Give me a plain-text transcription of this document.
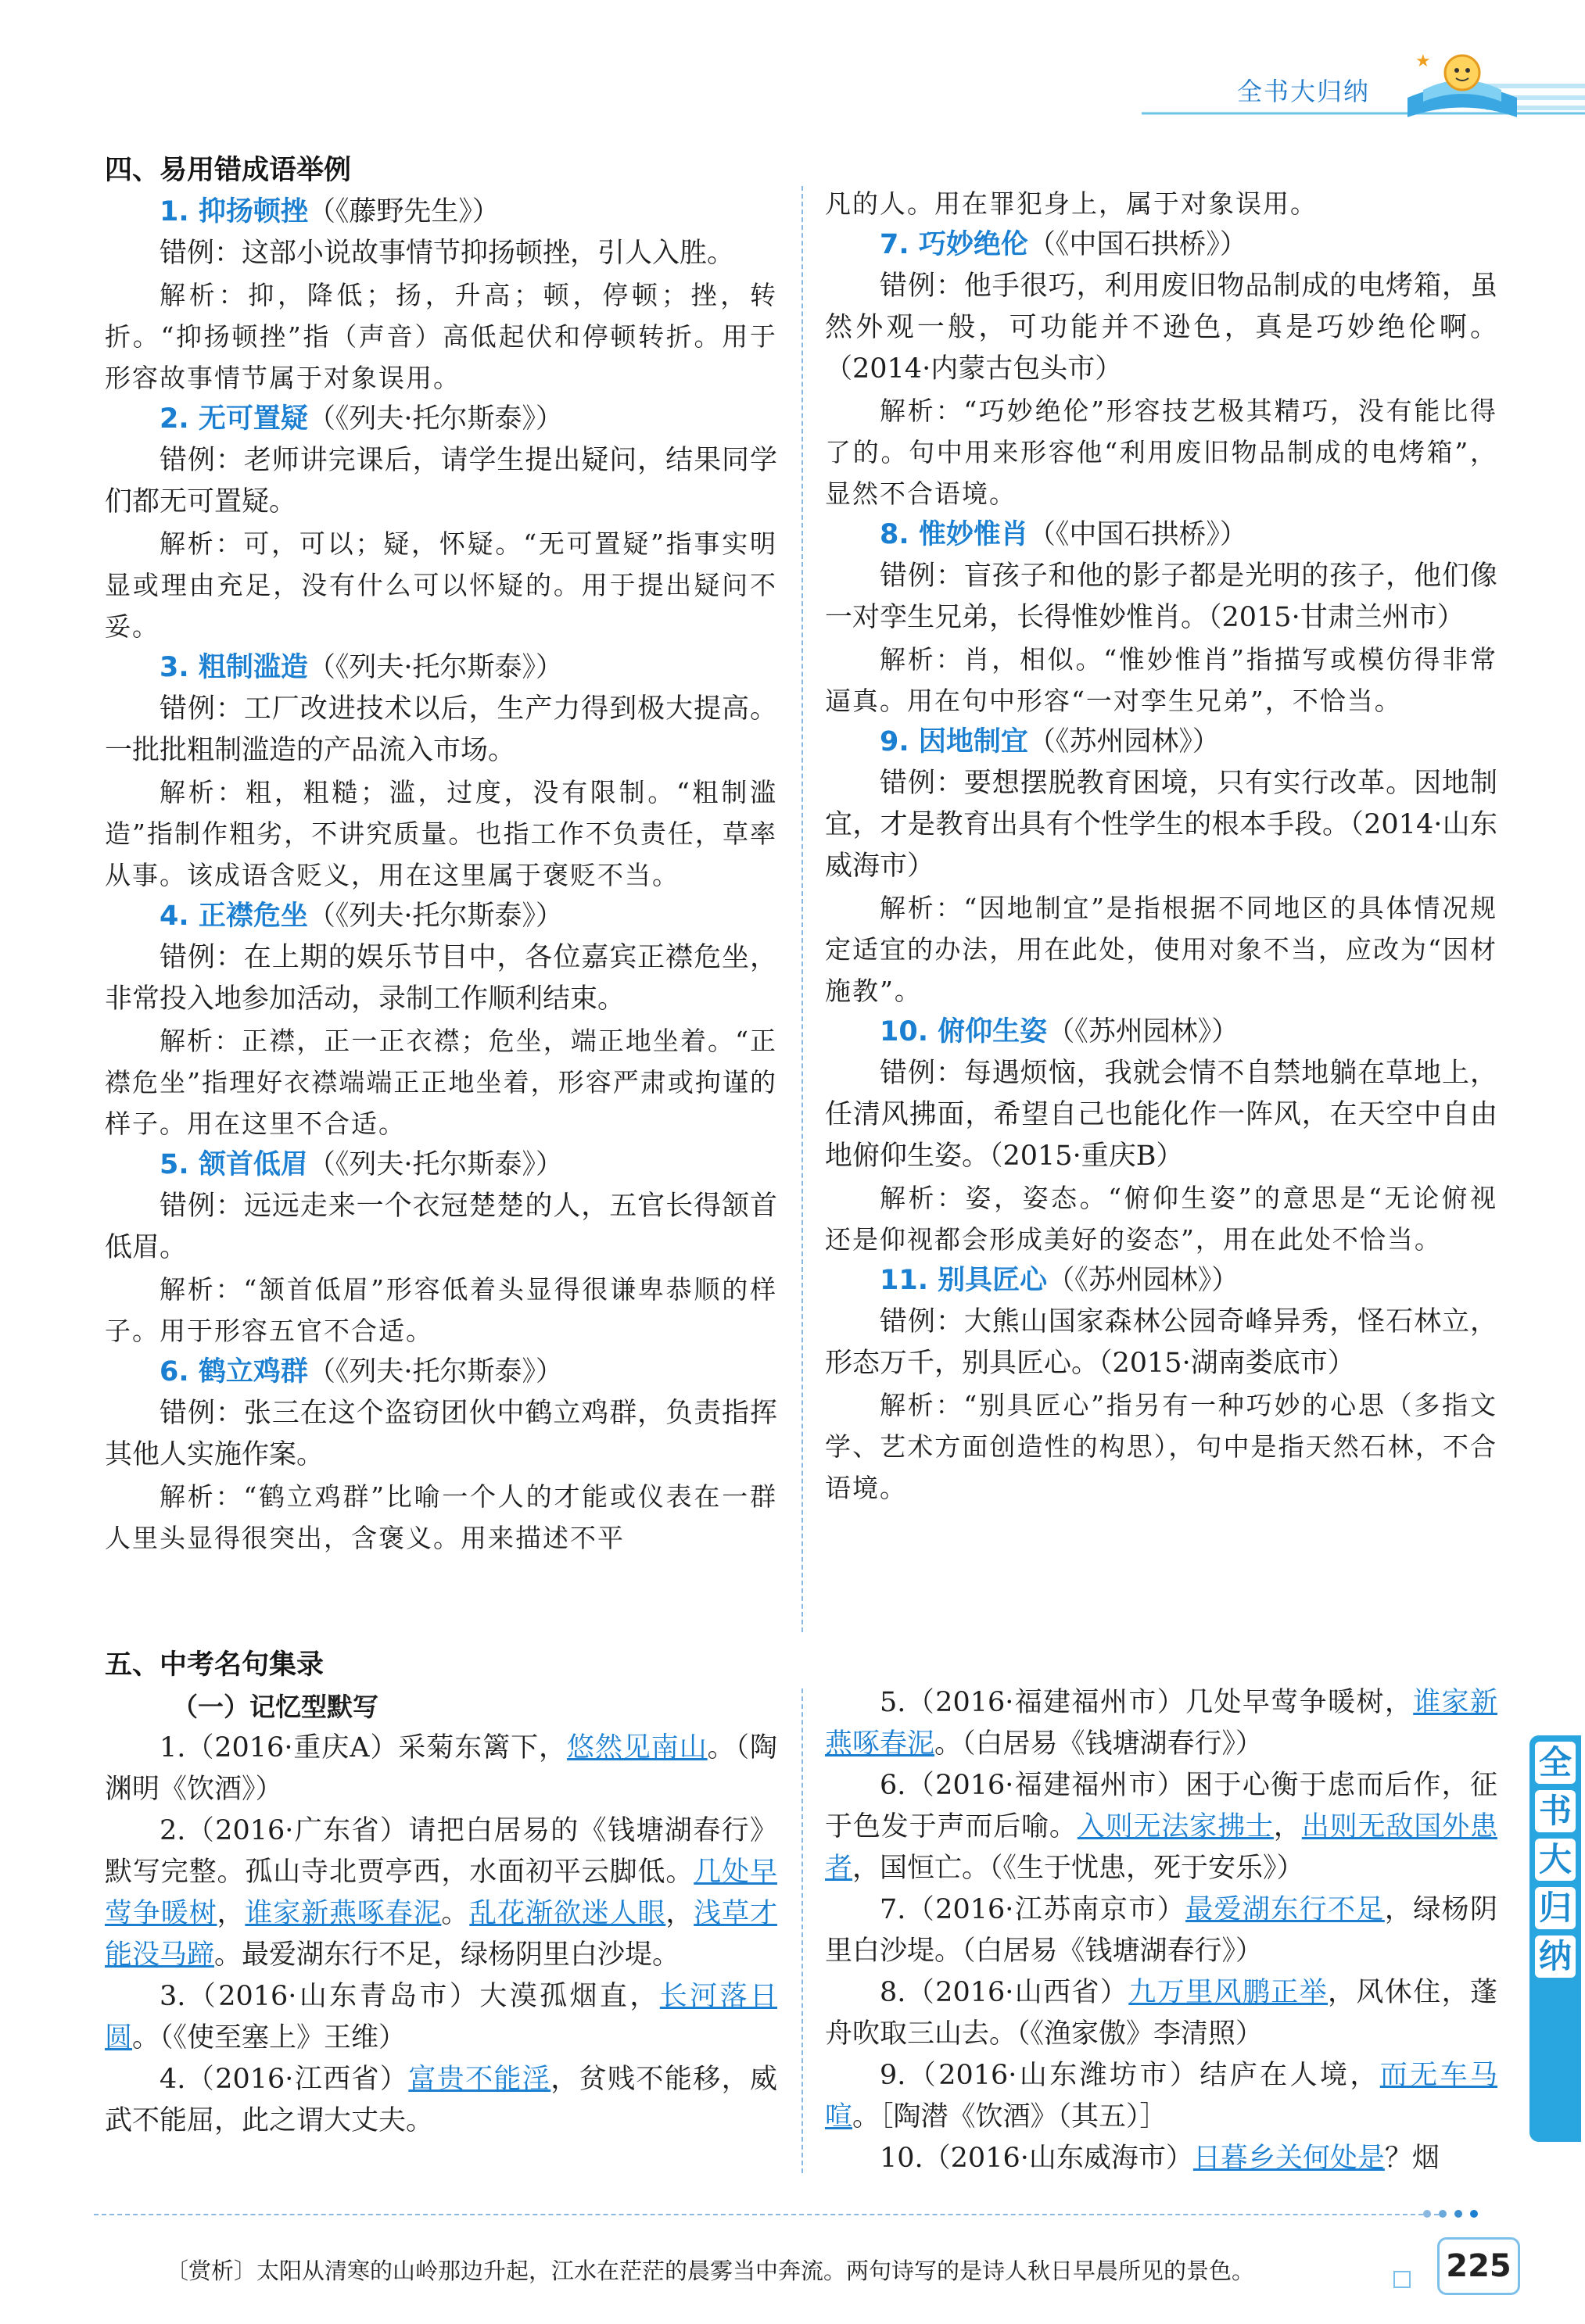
全书大归纳
★
四、易用错成语举例
1. 抑扬顿挫（《藤野先生》）

错例：这部小说故事情节抑扬顿挫，引人入胜。

解析：抑，降低；扬，升高；顿，停顿；挫，转折。“抑扬顿挫”指（声音）高低起伏和停顿转折。用于形容故事情节属于对象误用。

2. 无可置疑（《列夫·托尔斯泰》）

错例：老师讲完课后，请学生提出疑问，结果同学们都无可置疑。

解析：可，可以；疑，怀疑。“无可置疑”指事实明显或理由充足，没有什么可以怀疑的。用于提出疑问不妥。

3. 粗制滥造（《列夫·托尔斯泰》）

错例：工厂改进技术以后，生产力得到极大提高。一批批粗制滥造的产品流入市场。

解析：粗，粗糙；滥，过度，没有限制。“粗制滥造”指制作粗劣，不讲究质量。也指工作不负责任，草率从事。该成语含贬义，用在这里属于褒贬不当。

4. 正襟危坐（《列夫·托尔斯泰》）

错例：在上期的娱乐节目中，各位嘉宾正襟危坐，非常投入地参加活动，录制工作顺利结束。

解析：正襟，正一正衣襟；危坐，端正地坐着。“正襟危坐”指理好衣襟端端正正地坐着，形容严肃或拘谨的样子。用在这里不合适。

5. 颔首低眉（《列夫·托尔斯泰》）

错例：远远走来一个衣冠楚楚的人，五官长得颔首低眉。

解析：“颔首低眉”形容低着头显得很谦卑恭顺的样子。用于形容五官不合适。

6. 鹤立鸡群（《列夫·托尔斯泰》）

错例：张三在这个盗窃团伙中鹤立鸡群，负责指挥其他人实施作案。

解析：“鹤立鸡群”比喻一个人的才能或仪表在一群人里头显得很突出，含褒义。用来描述不平

凡的人。用在罪犯身上，属于对象误用。

7. 巧妙绝伦（《中国石拱桥》）

错例：他手很巧，利用废旧物品制成的电烤箱，虽然外观一般，可功能并不逊色，真是巧妙绝伦啊。（2014·内蒙古包头市）

解析：“巧妙绝伦”形容技艺极其精巧，没有能比得了的。句中用来形容他“利用废旧物品制成的电烤箱”，显然不合语境。

8. 惟妙惟肖（《中国石拱桥》）

错例：盲孩子和他的影子都是光明的孩子，他们像一对孪生兄弟，长得惟妙惟肖。（2015·甘肃兰州市）

解析：肖，相似。“惟妙惟肖”指描写或模仿得非常逼真。用在句中形容“一对孪生兄弟”，不恰当。

9. 因地制宜（《苏州园林》）

错例：要想摆脱教育困境，只有实行改革。因地制宜，才是教育出具有个性学生的根本手段。（2014·山东威海市）

解析：“因地制宜”是指根据不同地区的具体情况规定适宜的办法，用在此处，使用对象不当，应改为“因材施教”。

10. 俯仰生姿（《苏州园林》）

错例：每遇烦恼，我就会情不自禁地躺在草地上，任清风拂面，希望自己也能化作一阵风，在天空中自由地俯仰生姿。（2015·重庆B）

解析：姿，姿态。“俯仰生姿”的意思是“无论俯视还是仰视都会形成美好的姿态”，用在此处不恰当。

11. 别具匠心（《苏州园林》）

错例：大熊山国家森林公园奇峰异秀，怪石林立，形态万千，别具匠心。（2015·湖南娄底市）

解析：“别具匠心”指另有一种巧妙的心思（多指文学、艺术方面创造性的构思），句中是指天然石林，不合语境。

五、中考名句集录
（一）记忆型默写

1.（2016·重庆A）采菊东篱下，悠然见南山。（陶渊明《饮酒》）

2.（2016·广东省）请把白居易的《钱塘湖春行》默写完整。孤山寺北贾亭西，水面初平云脚低。几处早莺争暖树，谁家新燕啄春泥。乱花渐欲迷人眼，浅草才能没马蹄。最爱湖东行不足，绿杨阴里白沙堤。

3.（2016·山东青岛市）大漠孤烟直，长河落日圆。（《使至塞上》王维）

4.（2016·江西省）富贵不能淫，贫贱不能移，威武不能屈，此之谓大丈夫。

5.（2016·福建福州市）几处早莺争暖树，谁家新燕啄春泥。（白居易《钱塘湖春行》）

6.（2016·福建福州市）困于心衡于虑而后作，征于色发于声而后喻。入则无法家拂士，出则无敌国外患者，国恒亡。（《生于忧患，死于安乐》）

7.（2016·江苏南京市）最爱湖东行不足，绿杨阴里白沙堤。（白居易《钱塘湖春行》）

8.（2016·山西省）九万里风鹏正举，风休住，蓬舟吹取三山去。（《渔家傲》李清照）

9.（2016·山东潍坊市）结庐在人境，而无车马喧。［陶潜《饮酒》（其五）］

10.（2016·山东威海市）日暮乡关何处是？烟

全
书
大
归
纳
〔赏析〕太阳从清寒的山岭那边升起，江水在茫茫的晨雾当中奔流。两句诗写的是诗人秋日早晨所见的景色。	225
